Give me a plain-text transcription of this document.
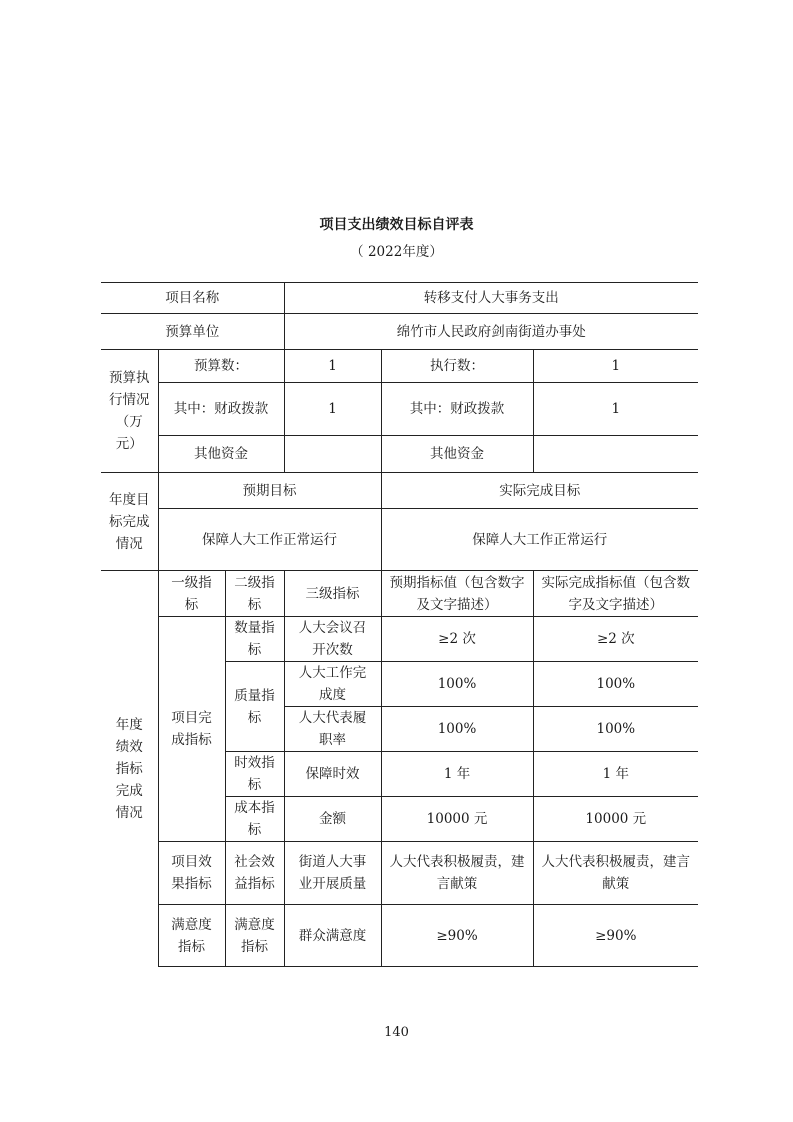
项目支出绩效目标自评表
（ 2022年度）
项目名称			转移支付人大事务支出		
预算单位			绵竹市人民政府剑南街道办事处		
预算执行情况（万元）	预算数：		1	执行数：	1
	其中：财政拨款		1	其中：财政拨款	1
	其他资金			其他资金	
年度目标完成情况	预期目标			实际完成目标	
	保障人大工作正常运行			保障人大工作正常运行	
年度绩效指标完成情况	一级指标	二级指标	三级指标	预期指标值（包含数字及文字描述）	实际完成指标值（包含数字及文字描述）
	项目完成指标	数量指标	人大会议召开次数	≥2 次	≥2 次
		质量指标	人大工作完成度	100%	100%
			人大代表履职率	100%	100%
		时效指标	保障时效	1 年	1 年
		成本指标	金额	10000 元	10000 元
	项目效果指标	社会效益指标	街道人大事业开展质量	人大代表积极履责，建言献策	人大代表积极履责，建言献策
	满意度指标	满意度指标	群众满意度	≥90%	≥90%
140
